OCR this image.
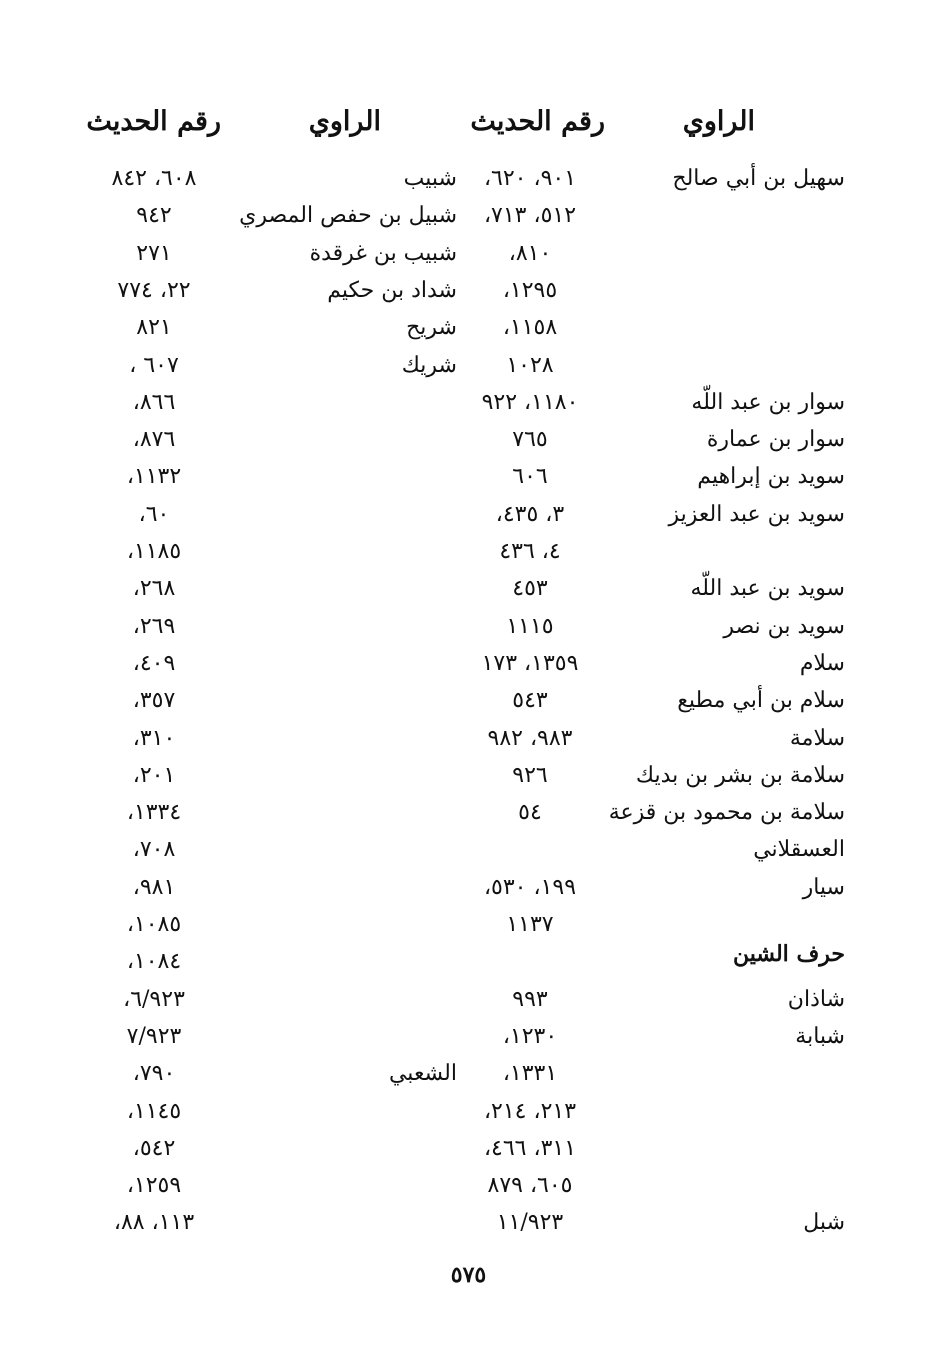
الراوي
رقم الحديث
الراوي
رقم الحديث
سهيل بن أبي صالح
سوار بن عبد اللّه
سوار بن عمارة
سويد بن إبراهيم
سويد بن عبد العزيز
سويد بن عبد اللّه
سويد بن نصر
سلام
سلام بن أبي مطيع
سلامة
سلامة بن بشر بن بديك
سلامة بن محمود بن قزعة
العسقلاني
سيار
حرف الشين
شاذان
شبابة
شبل
٩٠١، ٦٢٠،
٥١٢، ٧١٣،
٨١٠،
١٢٩٥،
١١٥٨،
١٠٢٨
١١٨٠، ٩٢٢
٧٦٥
٦٠٦
٣، ٤٣٥،
٤، ٤٣٦
٤٥٣
١١١٥
١٣٥٩، ١٧٣
٥٤٣
٩٨٣، ٩٨٢
٩٢٦
٥٤
١٩٩، ٥٣٠،
١١٣٧
٩٩٣
١٢٣٠،
١٣٣١،
٢١٣، ٢١٤،
٣١١، ٤٦٦،
٦٠٥، ٨٧٩
١١/٩٢٣
شبيب
شبيل بن حفص المصري
شبيب بن غرقدة
شداد بن حكيم
شريح
شريك
الشعبي
٦٠٨، ٨٤٢
٩٤٢
٢٧١
٢٢، ٧٧٤
٨٢١
٦٠٧ ،
٨٦٦،
٨٧٦،
١١٣٢،
٦٠،
١١٨٥،
٢٦٨،
٢٦٩،
٤٠٩،
٣٥٧،
٣١٠،
٢٠١،
١٣٣٤،
٧٠٨،
٩٨١،
١٠٨٥،
١٠٨٤،
٦/٩٢٣،
٧/٩٢٣
٧٩٠،
١١٤٥،
٥٤٢،
١٢٥٩،
١١٣، ٨٨،
٥٧٥
